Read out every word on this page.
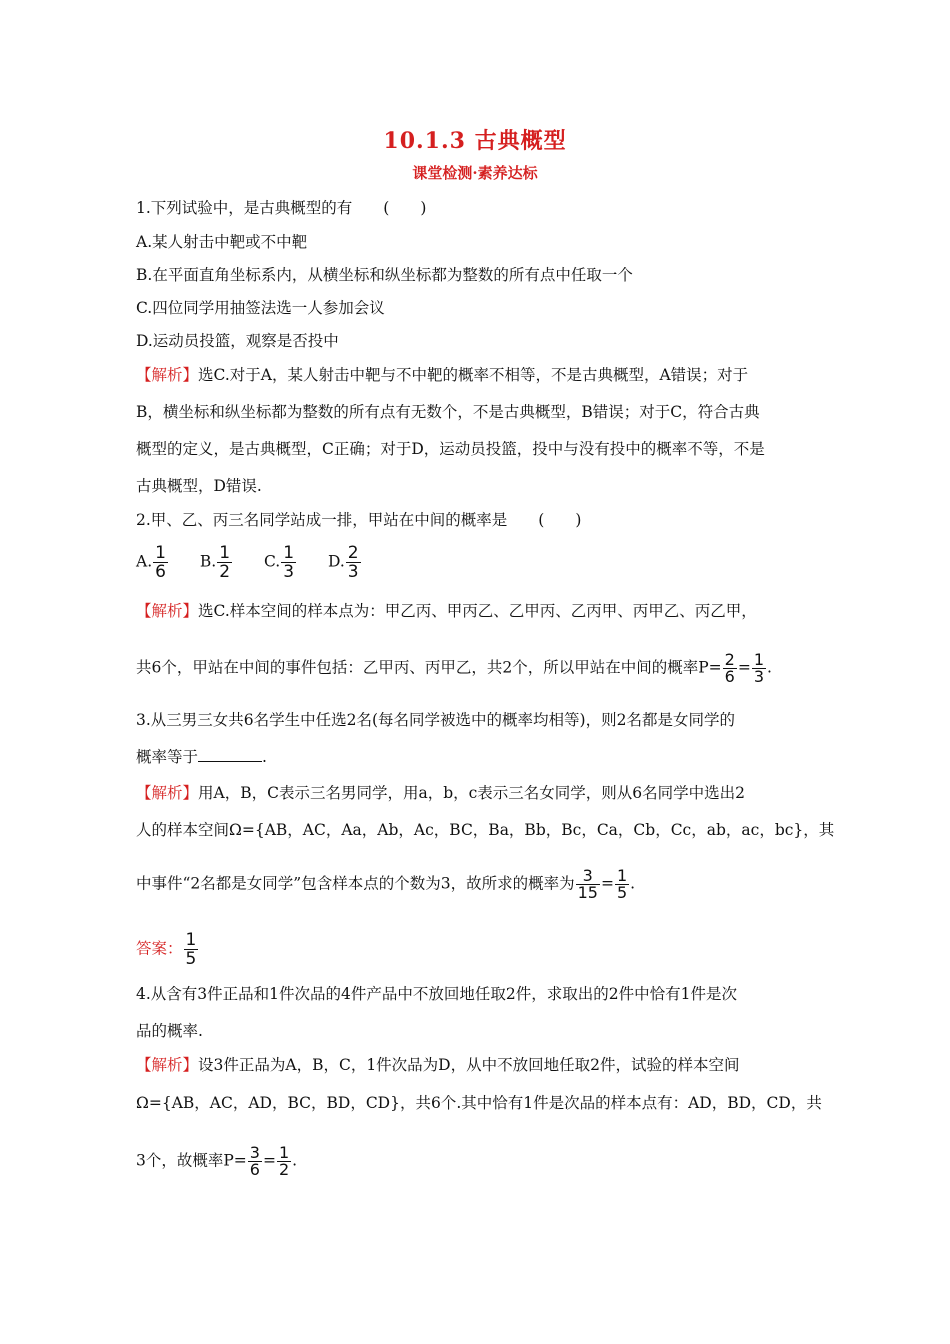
10.1.3 古典概型
课堂检测·素养达标
1.下列试验中，是古典概型的有　　(　　)
A.某人射击中靶或不中靶
B.在平面直角坐标系内，从横坐标和纵坐标都为整数的所有点中任取一个
C.四位同学用抽签法选一人参加会议
D.运动员投篮，观察是否投中
【解析】选C.对于A，某人射击中靶与不中靶的概率不相等，不是古典概型，A错误；对于
B，横坐标和纵坐标都为整数的所有点有无数个，不是古典概型，B错误；对于C，符合古典
概型的定义，是古典概型，C正确；对于D，运动员投篮，投中与没有投中的概率不等，不是
古典概型，D错误.
2.甲、乙、丙三名同学站成一排，甲站在中间的概率是　　(　　)
A. $\frac{1}{6} B$. $\frac{1}{2} C$. $\frac{1}{3} D$. $\frac{2}{3}$
【解析】选C.样本空间的样本点为：甲乙丙、甲丙乙、乙甲丙、乙丙甲、丙甲乙、丙乙甲，
共6个，甲站在中间的事件包括：乙甲丙、丙甲乙，共2个，所以甲站在中间的概率$P= \frac{2}{6} = \frac{1}{3}$ .
3.从三男三女共6名学生中任选2名(每名同学被选中的概率均相等)，则2名都是女同学的
概率等于	.
【解析】用A，B，C表示三名男同学，用a，b，c表示三名女同学，则从6名同学中选出2
人的样本空间Ω={AB，AC，Aa，Ab，Ac，BC，Ba，Bb，Bc，Ca，Cb，Cc，ab，ac，bc}，其
中事件“2名都是女同学”包含样本点的个数为3，故所求的概率为 $\frac{3}{15} = \frac{1}{5}$ .
答案： $\frac{1}{5}$
4.从含有3件正品和1件次品的4件产品中不放回地任取2件，求取出的2件中恰有1件是次
品的概率.
【解析】设3件正品为A，B，C，1件次品为D，从中不放回地任取2件，试验的样本空间
Ω={AB，AC，AD，BC，BD，CD}，共6个.其中恰有1件是次品的样本点有：AD，BD，CD，共
3个，故概率$P= \frac{3}{6} = \frac{1}{2}$ .
